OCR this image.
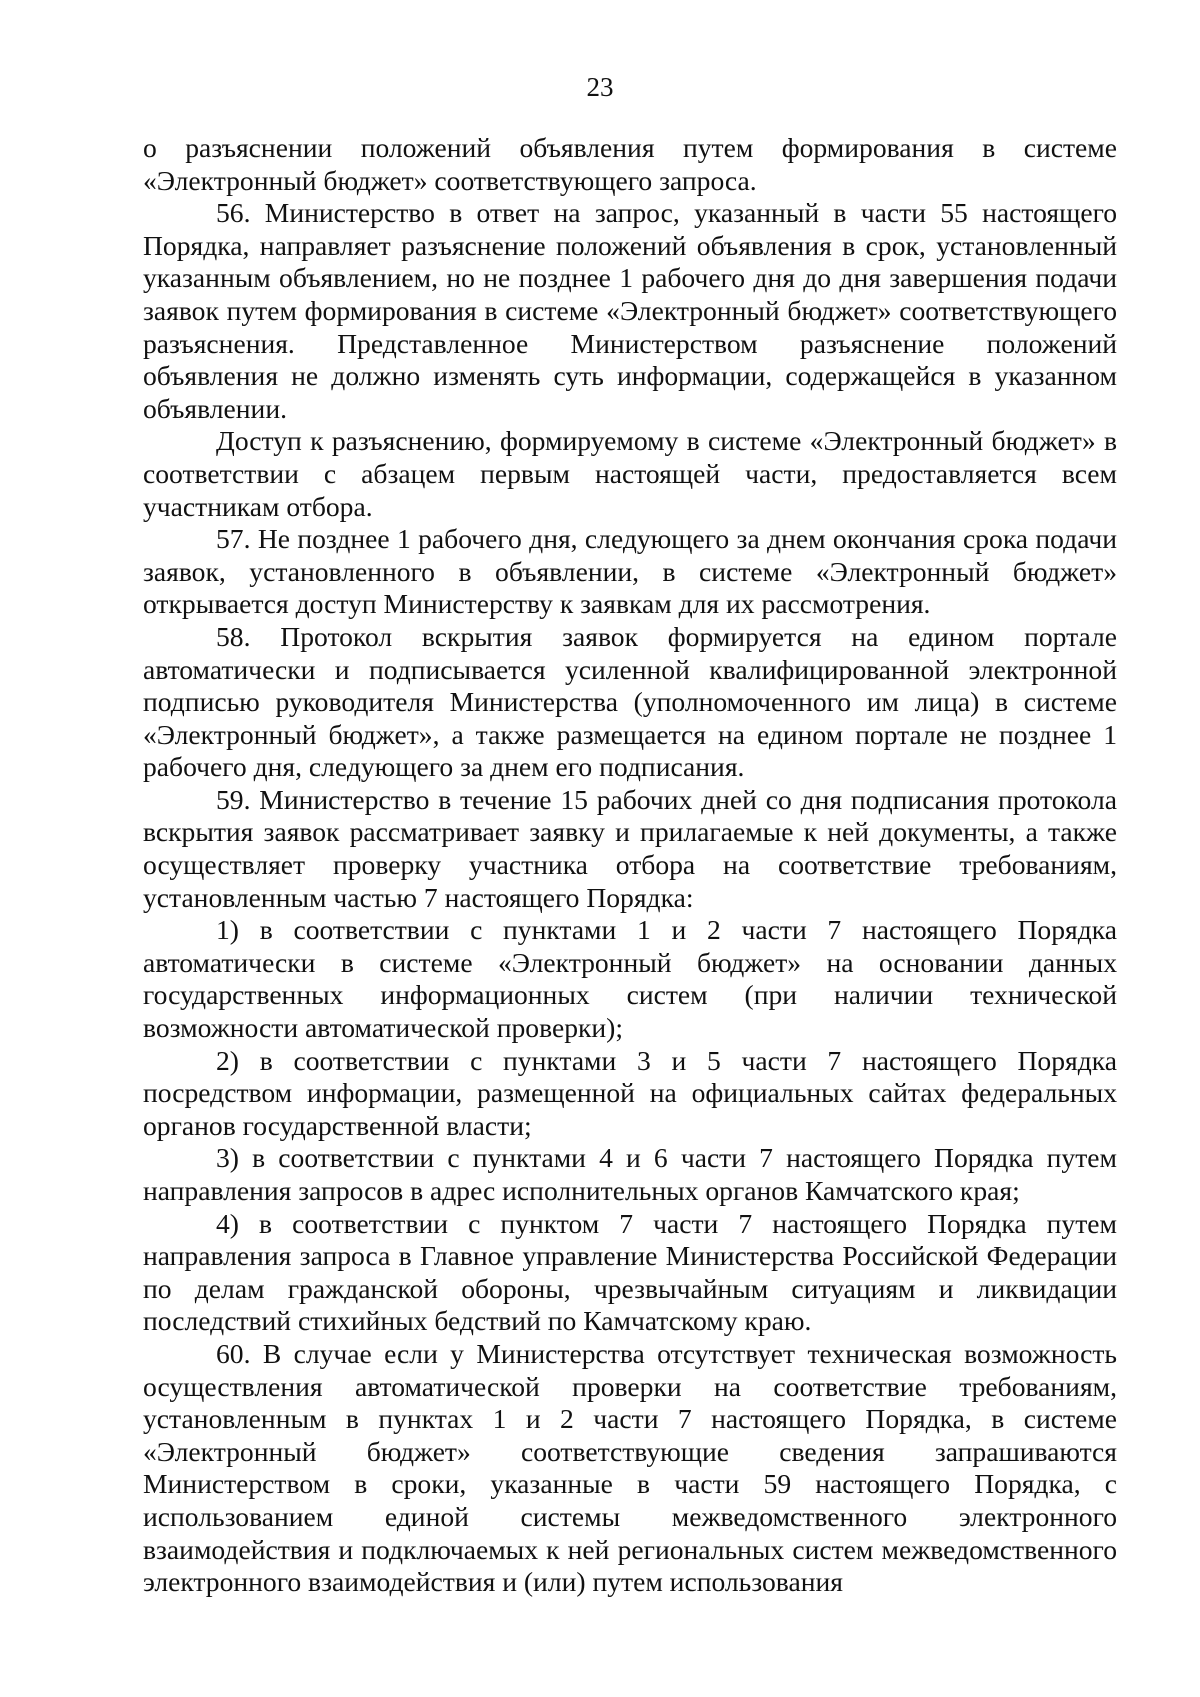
23

о разъяснении положений объявления путем формирования в системе «Электронный бюджет» соответствующего запроса.

56. Министерство в ответ на запрос, указанный в части 55 настоящего Порядка, направляет разъяснение положений объявления в срок, установленный указанным объявлением, но не позднее 1 рабочего дня до дня завершения подачи заявок путем формирования в системе «Электронный бюджет» соответствующего разъяснения. Представленное Министерством разъяснение положений объявления не должно изменять суть информации, содержащейся в указанном объявлении.

Доступ к разъяснению, формируемому в системе «Электронный бюджет» в соответствии с абзацем первым настоящей части, предоставляется всем участникам отбора.

57. Не позднее 1 рабочего дня, следующего за днем окончания срока подачи заявок, установленного в объявлении, в системе «Электронный бюджет» открывается доступ Министерству к заявкам для их рассмотрения.

58. Протокол вскрытия заявок формируется на едином портале автоматически и подписывается усиленной квалифицированной электронной подписью руководителя Министерства (уполномоченного им лица) в системе «Электронный бюджет», а также размещается на едином портале не позднее 1 рабочего дня, следующего за днем его подписания.

59. Министерство в течение 15 рабочих дней со дня подписания протокола вскрытия заявок рассматривает заявку и прилагаемые к ней документы, а также осуществляет проверку участника отбора на соответствие требованиям, установленным частью 7 настоящего Порядка:

1) в соответствии с пунктами 1 и 2 части 7 настоящего Порядка автоматически в системе «Электронный бюджет» на основании данных государственных информационных систем (при наличии технической возможности автоматической проверки);

2) в соответствии с пунктами 3 и 5 части 7 настоящего Порядка посредством информации, размещенной на официальных сайтах федеральных органов государственной власти;

3) в соответствии с пунктами 4 и 6 части 7 настоящего Порядка путем направления запросов в адрес исполнительных органов Камчатского края;

4) в соответствии с пунктом 7 части 7 настоящего Порядка путем направления запроса в Главное управление Министерства Российской Федерации по делам гражданской обороны, чрезвычайным ситуациям и ликвидации последствий стихийных бедствий по Камчатскому краю.

60. В случае если у Министерства отсутствует техническая возможность осуществления автоматической проверки на соответствие требованиям, установленным в пунктах 1 и 2 части 7 настоящего Порядка, в системе «Электронный бюджет» соответствующие сведения запрашиваются Министерством в сроки, указанные в части 59 настоящего Порядка, с использованием единой системы межведомственного электронного взаимодействия и подключаемых к ней региональных систем межведомственного электронного взаимодействия и (или) путем использования
